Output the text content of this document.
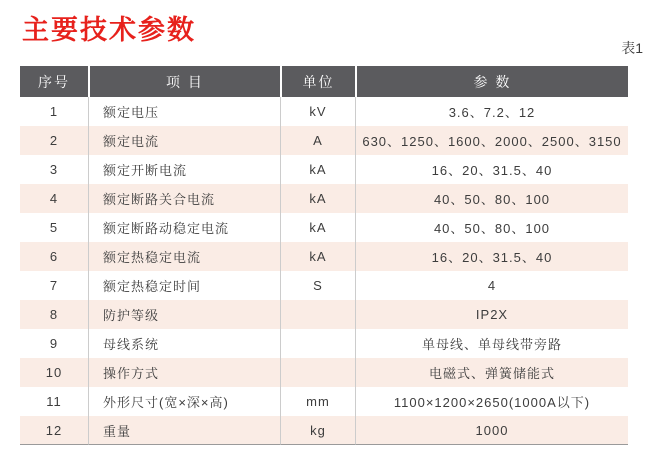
主要技术参数
表1
序号	项 目	单位	参 数
1	额定电压	kV	3.6、7.2、12
2	额定电流	A	630、1250、1600、2000、2500、3150
3	额定开断电流	kA	16、20、31.5、40
4	额定断路关合电流	kA	40、50、80、100
5	额定断路动稳定电流	kA	40、50、80、100
6	额定热稳定电流	kA	16、20、31.5、40
7	额定热稳定时间	S	4
8	防护等级		IP2X
9	母线系统		单母线、单母线带旁路
10	操作方式		电磁式、弹簧储能式
11	外形尺寸(宽×深×高)	mm	1100×1200×2650(1000A以下)
12	重量	kg	1000
